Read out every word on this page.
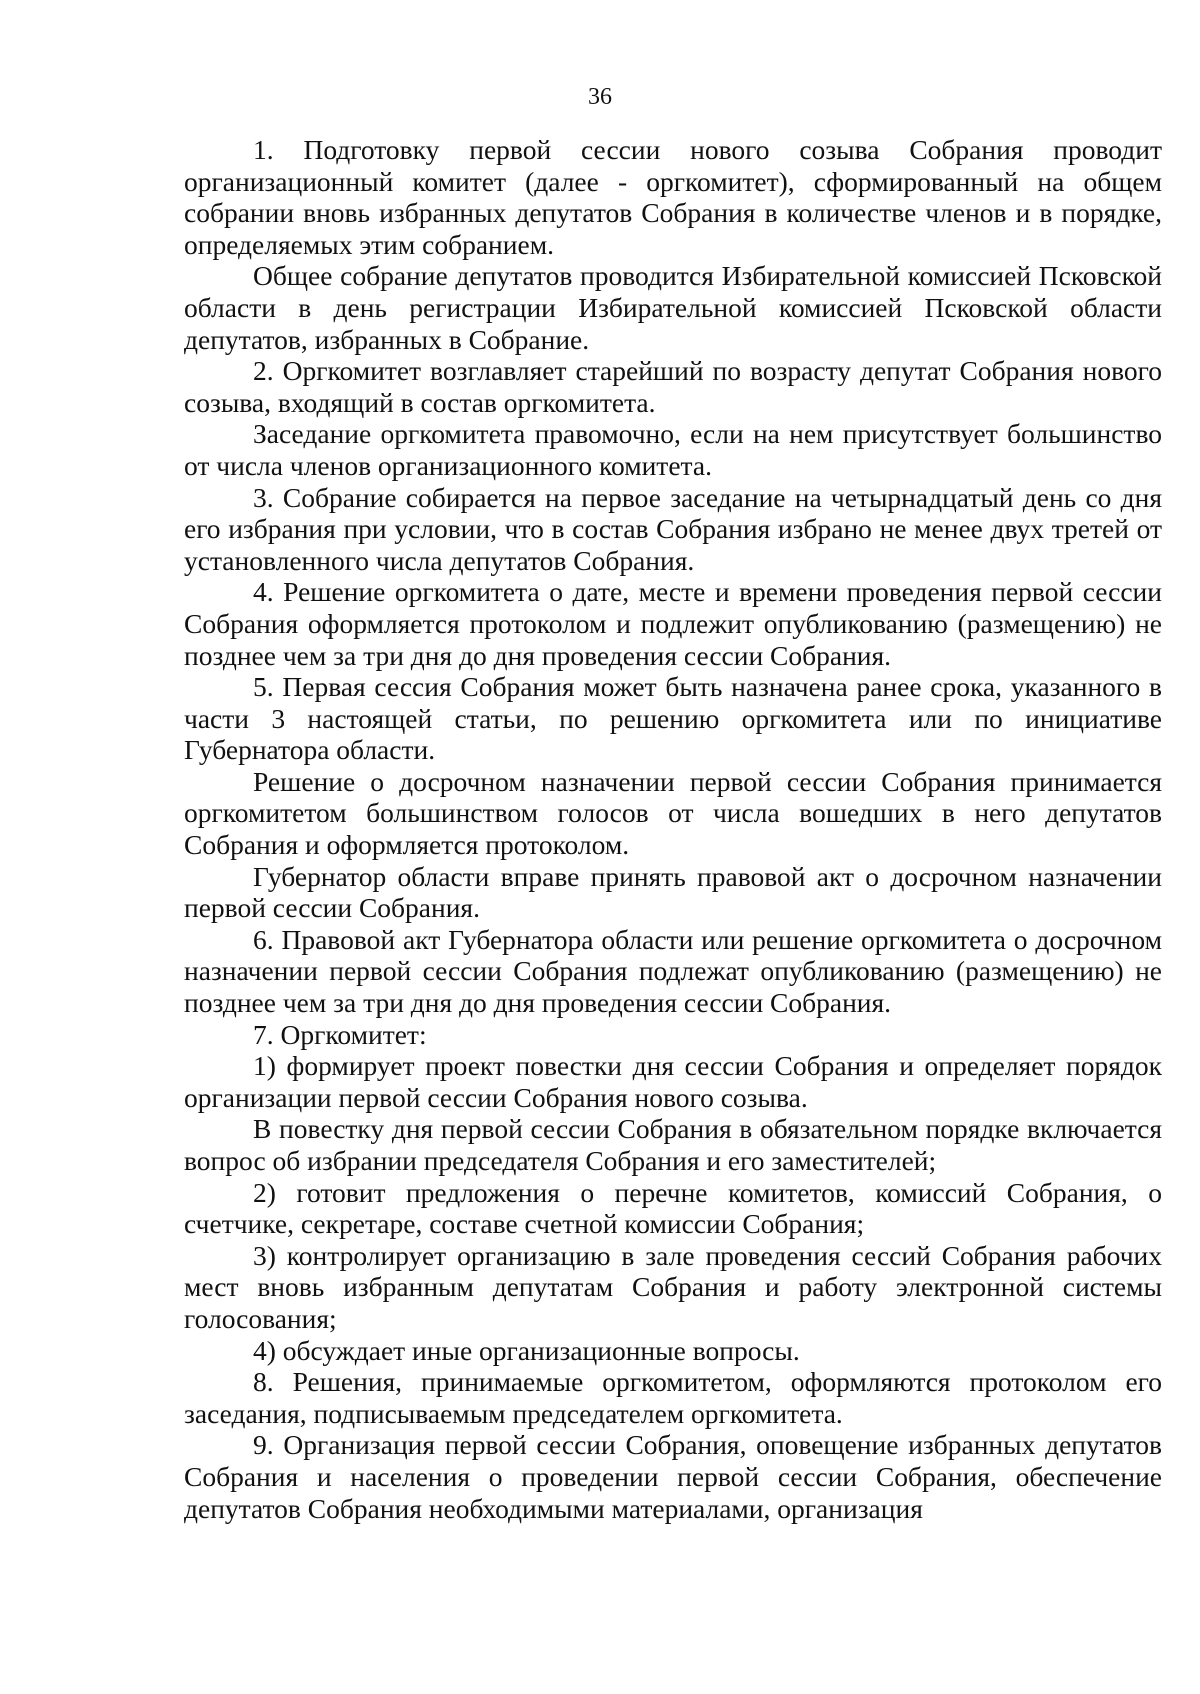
36

1. Подготовку первой сессии нового созыва Собрания проводит организационный комитет (далее - оргкомитет), сформированный на общем собрании вновь избранных депутатов Собрания в количестве членов и в порядке, определяемых этим собранием.

Общее собрание депутатов проводится Избирательной комиссией Псковской области в день регистрации Избирательной комиссией Псковской области депутатов, избранных в Собрание.

2. Оргкомитет возглавляет старейший по возрасту депутат Собрания нового созыва, входящий в состав оргкомитета.

Заседание оргкомитета правомочно, если на нем присутствует большинство от числа членов организационного комитета.

3. Собрание собирается на первое заседание на четырнадцатый день со дня его избрания при условии, что в состав Собрания избрано не менее двух третей от установленного числа депутатов Собрания.

4. Решение оргкомитета о дате, месте и времени проведения первой сессии Собрания оформляется протоколом и подлежит опубликованию (размещению) не позднее чем за три дня до дня проведения сессии Собрания.

5. Первая сессия Собрания может быть назначена ранее срока, указанного в части 3 настоящей статьи, по решению оргкомитета или по инициативе Губернатора области.

Решение о досрочном назначении первой сессии Собрания принимается оргкомитетом большинством голосов от числа вошедших в него депутатов Собрания и оформляется протоколом.

Губернатор области вправе принять правовой акт о досрочном назначении первой сессии Собрания.

6. Правовой акт Губернатора области или решение оргкомитета о досрочном назначении первой сессии Собрания подлежат опубликованию (размещению) не позднее чем за три дня до дня проведения сессии Собрания.

7. Оргкомитет:

1) формирует проект повестки дня сессии Собрания и определяет порядок организации первой сессии Собрания нового созыва.

В повестку дня первой сессии Собрания в обязательном порядке включается вопрос об избрании председателя Собрания и его заместителей;

2) готовит предложения о перечне комитетов, комиссий Собрания, о счетчике, секретаре, составе счетной комиссии Собрания;

3) контролирует организацию в зале проведения сессий Собрания рабочих мест вновь избранным депутатам Собрания и работу электронной системы голосования;

4) обсуждает иные организационные вопросы.

8. Решения, принимаемые оргкомитетом, оформляются протоколом его заседания, подписываемым председателем оргкомитета.

9. Организация первой сессии Собрания, оповещение избранных депутатов Собрания и населения о проведении первой сессии Собрания, обеспечение депутатов Собрания необходимыми материалами, организация
